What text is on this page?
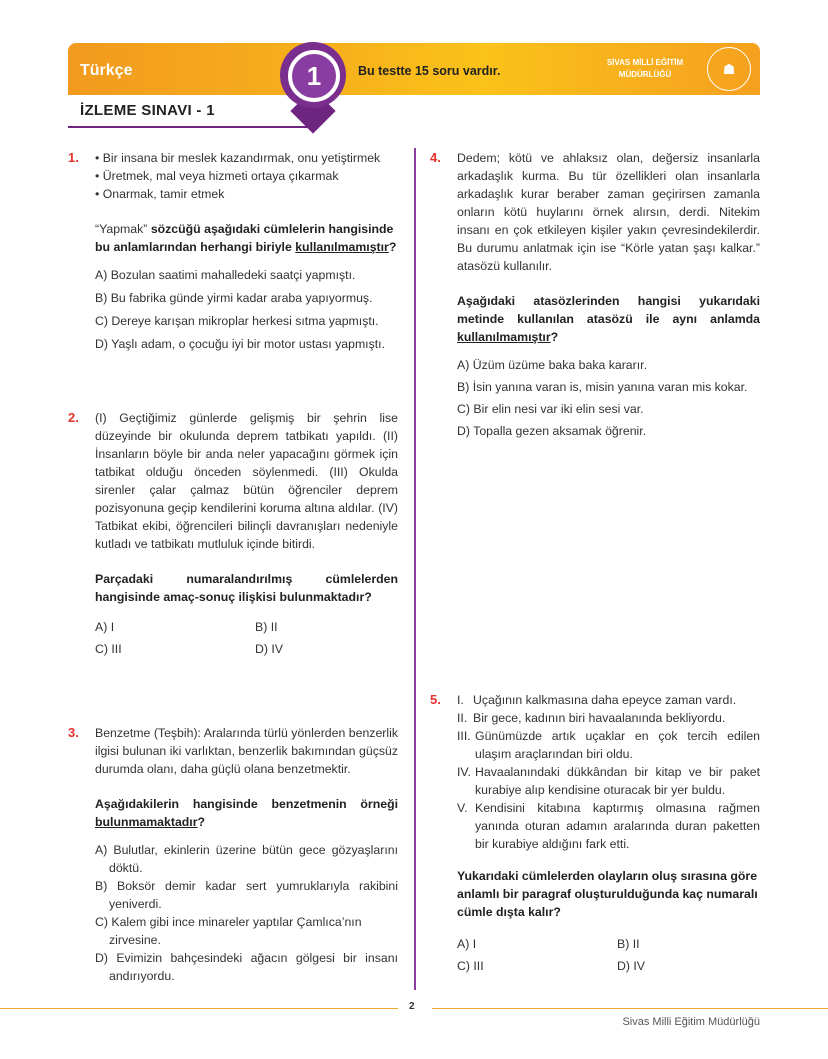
Türkçe	1	Bu testte 15 soru vardır.
SİVAS MİLLİ EĞİTİM
MÜDÜRLÜĞÜ	☗
İZLEME SINAVI - 1
1. • Bir insana bir meslek kazandırmak, onu yetiştirmek
• Üretmek, mal veya hizmeti ortaya çıkarmak
• Onarmak, tamir etmek
“Yapmak” sözcüğü aşağıdaki cümlelerin hangisinde bu anlamlarından herhangi biriyle kullanılmamıştır?
A) Bozulan saatimi mahalledeki saatçi yapmıştı.
B) Bu fabrika günde yirmi kadar araba yapıyormuş.
C) Dereye karışan mikroplar herkesi sıtma yapmıştı.
D) Yaşlı adam, o çocuğu iyi bir motor ustası yapmıştı.
2. (I) Geçtiğimiz günlerde gelişmiş bir şehrin lise düzeyinde bir okulunda deprem tatbikatı yapıldı. (II) İnsanların böyle bir anda neler yapacağını görmek için tatbikat olduğu önceden söylenmedi. (III) Okulda sirenler çalar çalmaz bütün öğrenciler deprem pozisyonuna geçip kendilerini koruma altına aldılar. (IV) Tatbikat ekibi, öğrencileri bilinçli davranışları nedeniyle kutladı ve tatbikatı mutluluk içinde bitirdi.
Parçadaki numaralandırılmış cümlelerden hangisinde amaç-sonuç ilişkisi bulunmaktadır?
A) I	B) II
C) III	D) IV
3. Benzetme (Teşbih): Aralarında türlü yönlerden benzerlik ilgisi bulunan iki varlıktan, benzerlik bakımından güçsüz durumda olanı, daha güçlü olana benzetmektir.
Aşağıdakilerin hangisinde benzetmenin örneği bulunmamaktadır?

A) Bulutlar, ekinlerin üzerine bütün gece gözyaşlarını döktü.

B) Boksör demir kadar sert yumruklarıyla rakibini yeniverdi.

C) Kalem gibi ince minareler yaptılar Çamlıca’nın zirvesine.

D) Evimizin bahçesindeki ağacın gölgesi bir insanı andırıyordu.

4. Dedem; kötü ve ahlaksız olan, değersiz insanlarla arkadaşlık kurma. Bu tür özellikleri olan insanlarla arkadaşlık kurar beraber zaman geçirirsen zamanla onların kötü huylarını örnek alırsın, derdi. Nitekim insanı en çok etkileyen kişiler yakın çevresindekilerdir. Bu durumu anlatmak için ise “Körle yatan şaşı kalkar.” atasözü kullanılır.
Aşağıdaki atasözlerinden hangisi yukarıdaki metinde kullanılan atasözü ile aynı anlamda kullanılmamıştır?
A) Üzüm üzüme baka baka kararır.
B) İsin yanına varan is, misin yanına varan mis kokar.
C) Bir elin nesi var iki elin sesi var.
D) Topalla gezen aksamak öğrenir.
5. I. Uçağının kalkmasına daha epeyce zaman vardı.
II. Bir gece, kadının biri havaalanında bekliyordu.
III. Günümüzde artık uçaklar en çok tercih edilen ulaşım araçlarından biri oldu.
IV. Havaalanındaki dükkândan bir kitap ve bir paket kurabiye alıp kendisine oturacak bir yer buldu.
V. Kendisini kitabına kaptırmış olmasına rağmen yanında oturan adamın aralarında duran paketten bir kurabiye aldığını fark etti.
Yukarıdaki cümlelerden olayların oluş sırasına göre anlamlı bir paragraf oluşturulduğunda kaç numaralı cümle dışta kalır?
A) I	B) II
C) III	D) IV
2
Sivas Milli Eğitim Müdürlüğü
